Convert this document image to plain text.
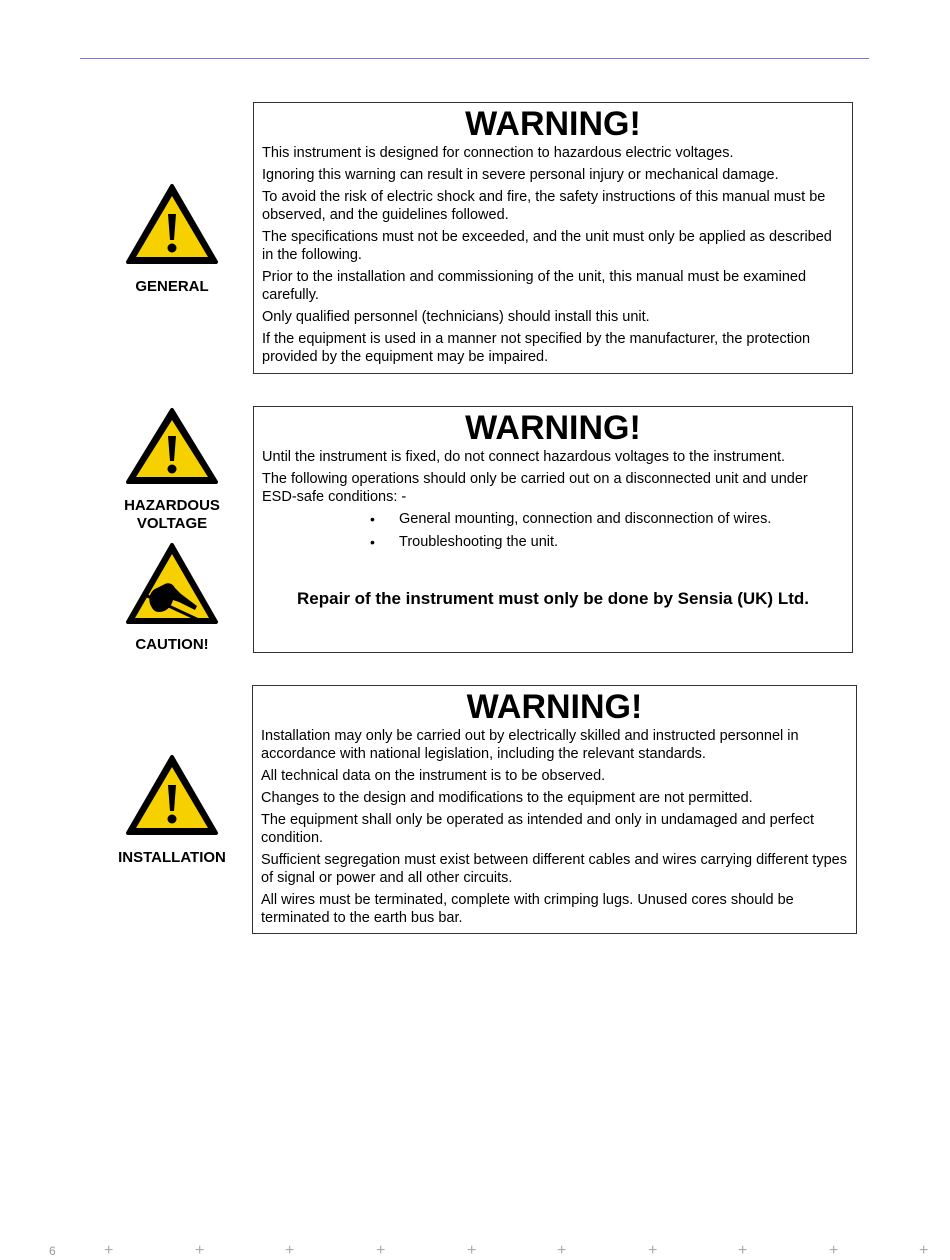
GENERAL
WARNING!

This instrument is designed for connection to hazardous electric voltages.

Ignoring this warning can result in severe personal injury or mechanical damage.

To avoid the risk of electric shock and fire, the safety instructions of this manual must be observed, and the guidelines followed.

The specifications must not be exceeded, and the unit must only be applied as described in the following.

Prior to the installation and commissioning of the unit, this manual must be examined carefully.

Only qualified personnel (technicians) should install this unit.

If the equipment is used in a manner not specified by the manufacturer, the protection provided by the equipment may be impaired.

HAZARDOUS
VOLTAGE
CAUTION!
WARNING!

Until the instrument is fixed, do not connect hazardous voltages to the instrument.

The following operations should only be carried out on a disconnected unit and under ESD-safe conditions: -

• General mounting, connection and disconnection of wires.
• Troubleshooting the unit.
Repair of the instrument must only be done by Sensia (UK) Ltd.
INSTALLATION
WARNING!

Installation may only be carried out by electrically skilled and instructed personnel in accordance with national legislation, including the relevant standards.

All technical data on the instrument is to be observed.

Changes to the design and modifications to the equipment are not permitted.

The equipment shall only be operated as intended and only in undamaged and perfect condition.

Sufficient segregation must exist between different cables and wires carrying different types of signal or power and all other circuits.

All wires must be terminated, complete with crimping lugs. Unused cores should be terminated to the earth bus bar.

6	+	+	+	+	+	+	+	+	+	+
